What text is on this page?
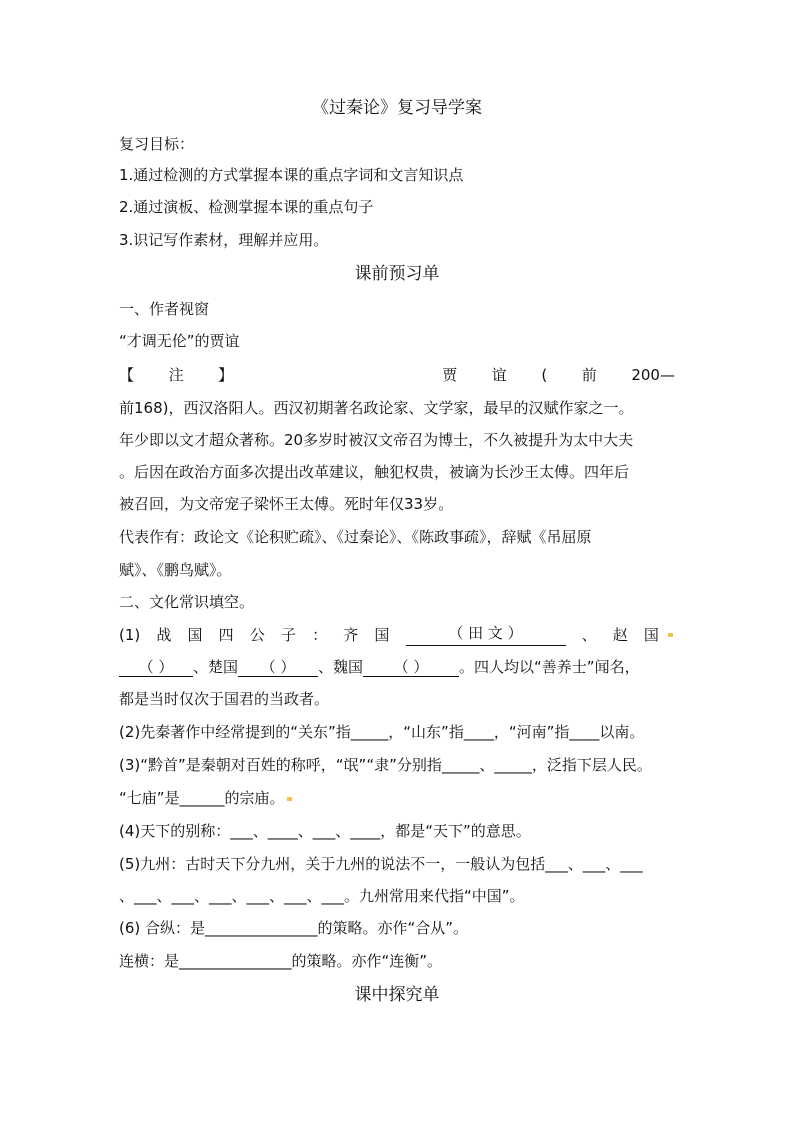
《过秦论》复习导学案
复习目标：
1.通过检测的方式掌握本课的重点字词和文言知识点
2.通过演板、检测掌握本课的重点句子
3.识记写作素材，理解并应用。
课前预习单
一、作者视窗
“才调无伦”的贾谊
【 注 】	贾 谊 ( 前 200—
前168)，西汉洛阳人。西汉初期著名政论家、文学家，最早的汉赋作家之一。
年少即以文才超众著称。20多岁时被汉文帝召为博士，不久被提升为太中大夫
。后因在政治方面多次提出改革建议，触犯权贵，被谪为长沙王太傅。四年后
被召回，为文帝宠子梁怀王太傅。死时年仅33岁。
代表作有：政论文《论积贮疏》、《过秦论》、《陈政事疏》，辞赋《吊屈原
赋》、《鹏鸟赋》。
二、文化常识填空。
(1) 战 国 四 公 子 ： 齐 国	（ 田 文 ）	、 赵 国
（ ） 、楚国 （ ） 、魏国 （ ） 。四人均以“善养士”闻名，
都是当时仅次于国君的当政者。
(2)先秦著作中经常提到的“关东”指_____，“山东”指____，“河南”指____以南。
(3)“黔首”是秦朝对百姓的称呼，“氓”“隶”分别指_____、_____，泛指下层人民。
“七庙”是______的宗庙。
(4)天下的别称：___、____、___、____，都是“天下”的意思。
(5)九州：古时天下分九州，关于九州的说法不一，一般认为包括___、___、___
、___、___、___、___、___、___。九州常用来代指“中国”。
(6) 合纵：是_______________的策略。亦作“合从”。
连横：是_______________的策略。亦作“连衡”。
课中探究单
